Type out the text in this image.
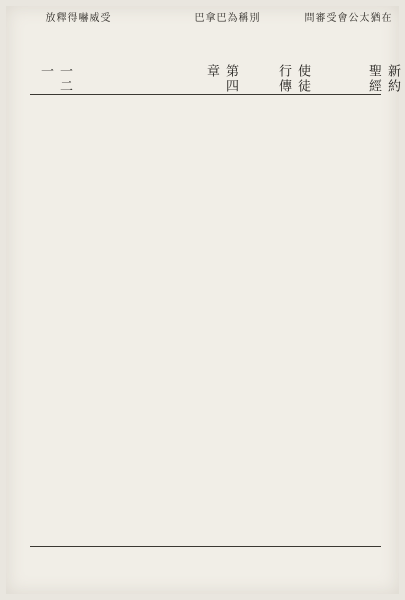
新約聖經
使徒行傳
第四章
一二一
在猶太公會受審問
別稱為巴拿巴
受威嚇得釋放
